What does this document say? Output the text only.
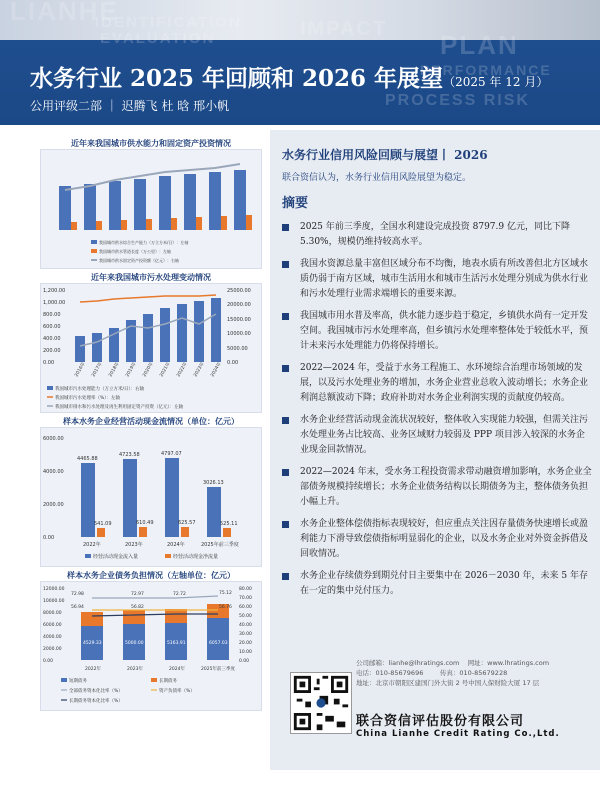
LIANHE
IDENTIFICATION
EVALUATION	IMPACT
PLAN
PERFORMANCE
PROCESS RISK
水务行业 2025 年回顾和 2026 年展望（2025 年 12 月）
公用评级二部 ｜ 迟腾飞 杜 晗 邢小帆

近年来我国城市供水能力和固定资产投资情况

我国城市供水综合生产能力（万立方米/日）：左轴
我国城市供水管道长度（万公里）：左轴
我国城市供水固定资产投资额（亿元）：右轴

近年来我国城市污水处理变动情况

1,200.00
1,000.00
800.00
600.00
400.00
200.00
0.00
25000.00
20000.00
15000.00
10000.00
5000.00
0.00
2016年	2017年	2018年	2019年	2020年	2021年	2022年	2023年	2024年
我国城市污水处理能力（万立方米/日）：右轴
我国城市污水处理率（%）：左轴
我国城市排水和污水处理及再生利用固定资产投资（亿元）：左轴

样本水务企业经营活动现金流情况（单位：亿元）

6000.00
4000.00
2000.00
0.00
4465.88
4723.58	4797.07
3026.13
541.09	610.49	625.57	525.11
2022年	2023年	2024年	2025年前三季度
经营活动现金流入量	经营活动现金净流量

样本水务企业债务负担情况（左轴单位：亿元）

12000.00
10000.00
8000.00
6000.00
4000.00
2000.00
0.00
80.00
70.00
60.00
50.00
40.00
30.00
20.00
10.00
0.00
72.98	72.97	72.72	75.12
56.94	56.82	56.76
4529.33	5000.00	5163.91	6057.03
2022年	2023年	2024年	2025年前三季度
短期债务	长期债务
全部债务资本化比率（%）	资产负债率（%）
长期债务资本化比率（%）
水务行业信用风险回顾与展望丨 2026
联合资信认为，水务行业信用风险展望为稳定。
摘要
2025 年前三季度，全国水利建设完成投资 8797.9 亿元，同比下降 5.30%，规模仍维持较高水平。
我国水资源总量丰富但区域分布不均衡，地表水质有所改善但北方区域水质仍弱于南方区域，城市生活用水和城市生活污水处理分别成为供水行业和污水处理行业需求端增长的重要来源。
我国城市用水普及率高，供水能力逐步趋于稳定，乡镇供水尚有一定开发空间。我国城市污水处理率高，但乡镇污水处理率整体处于较低水平，预计未来污水处理能力仍将保持增长。
2022—2024 年，受益于水务工程施工、水环境综合治理市场领域的发展，以及污水处理业务的增加，水务企业营业总收入波动增长；水务企业利润总额波动下降；政府补助对水务企业利润实现的贡献度仍较高。
水务企业经营活动现金流状况较好，整体收入实现能力较强，但需关注污水处理业务占比较高、业务区域财力较弱及 PPP 项目涉入较深的水务企业现金回款情况。
2022—2024 年末，受水务工程投资需求带动融资增加影响，水务企业全部债务规模持续增长；水务企业债务结构以长期债务为主，整体债务负担小幅上升。
水务企业整体偿债指标表现较好，但应重点关注因存量债务快速增长或盈利能力下滑导致偿债指标明显弱化的企业，以及水务企业对外资金拆借及回收情况。
水务企业存续债券到期兑付日主要集中在 2026－2030 年，未来 5 年存在一定的集中兑付压力。
公司邮箱：lianhe@lhratings.com 网址：www.lhratings.com
电话：010-85679696	传真：010-85679228
地址：北京市朝阳区建国门外大街 2 号中国人保财险大厦 17 层
联合资信评估股份有限公司
China Lianhe Credit Rating Co.,Ltd.
